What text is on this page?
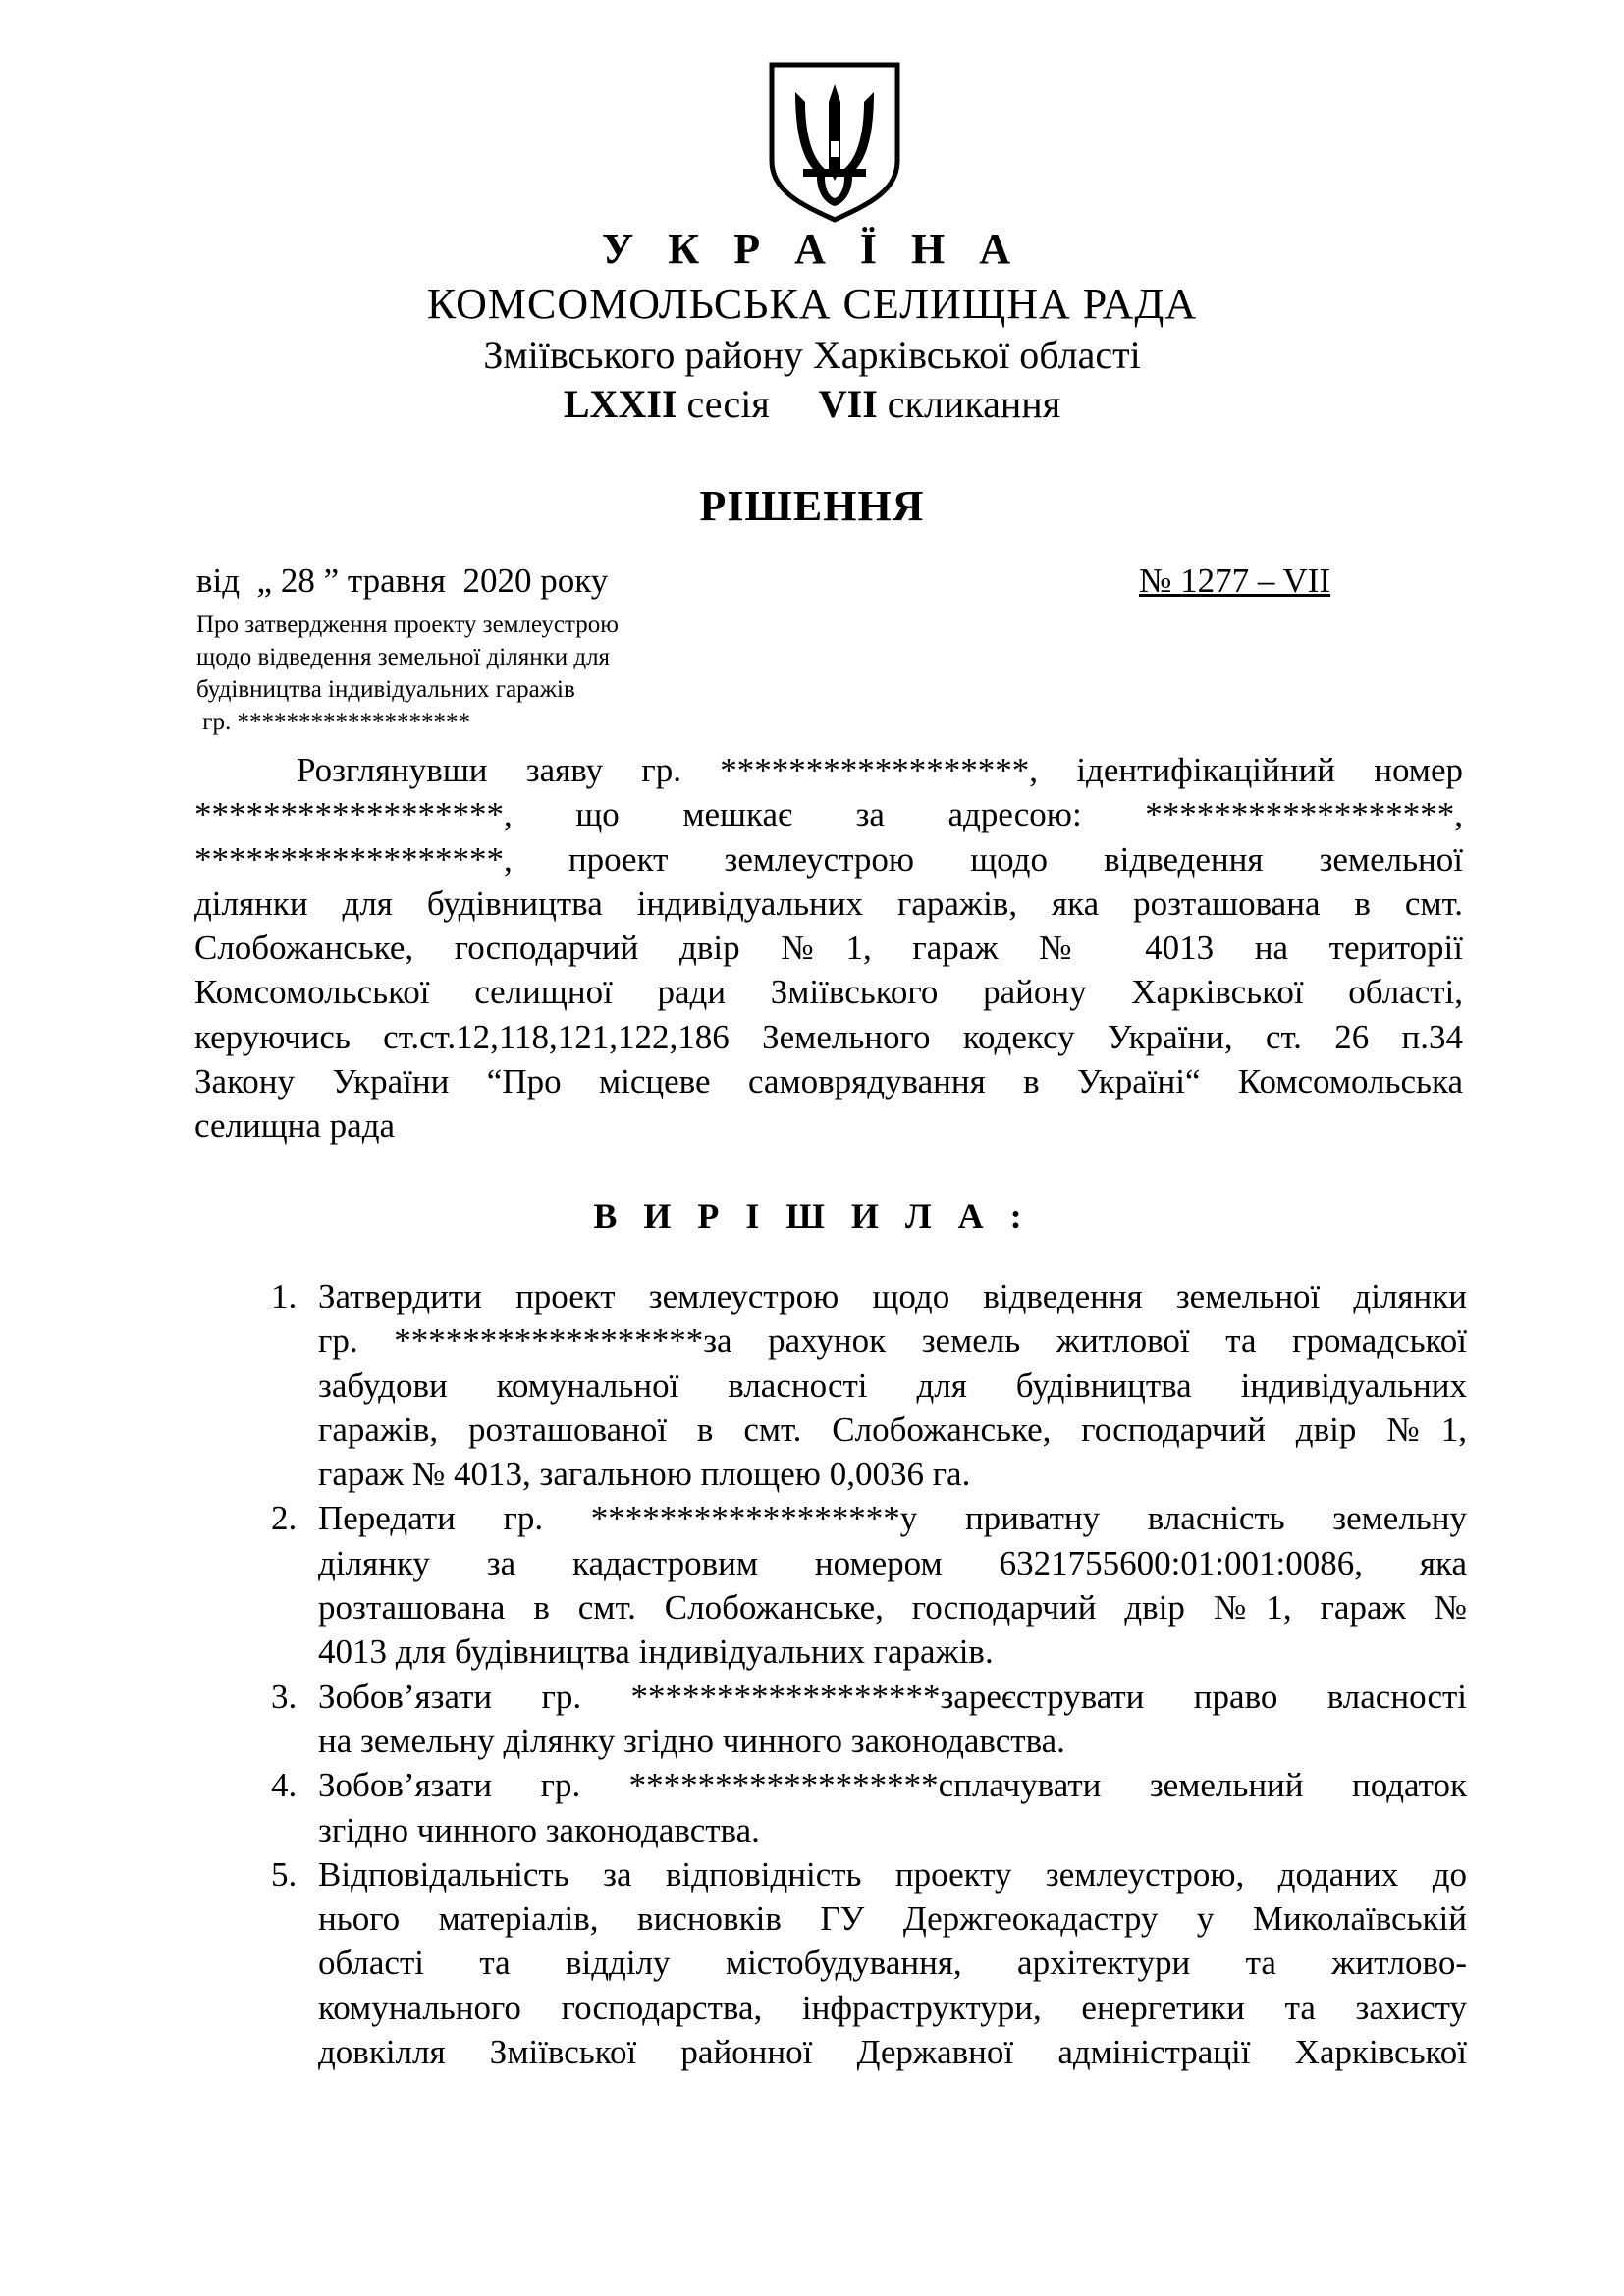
У К Р А Ї Н А
КОМСОМОЛЬСЬКА СЕЛИЩНА РАДА
Зміївського району Харківської області
LXXII сесія VII скликання
РІШЕННЯ
від  „ 28 ” травня  2020 року	№ 1277 – VII
Про затвердження проекту землеустрою
щодо відведення земельної ділянки для
будівництва індивідуальних гаражів
гр. *******************
Розглянувши заяву гр. ******************, ідентифікаційний номер
******************, що мешкає за адресою: ******************,
******************, проект землеустрою щодо відведення земельної
ділянки для будівництва індивідуальних гаражів, яка розташована в смт.
Слобожанське, господарчий двір №1, гараж № 4013 на території
Комсомольської селищної ради Зміївського району Харківської області,
керуючись ст.ст.12,118,121,122,186 Земельного кодексу України, ст. 26 п.34
Закону України “Про місцеве самоврядування в Україні“ Комсомольська
селищна рада
В И Р І Ш И Л А :
1. Затвердити проект землеустрою щодо відведення земельної ділянки
гр. ******************за рахунок земель житлової та громадської
забудови комунальної власності для будівництва індивідуальних
гаражів, розташованої в смт. Слобожанське, господарчий двір №1,
гараж № 4013, загальною площею 0,0036 га.
2. Передати гр. ******************у приватну власність земельну
ділянку за кадастровим номером 6321755600:01:001:0086, яка
розташована в смт. Слобожанське, господарчий двір №1, гараж №
4013 для будівництва індивідуальних гаражів.
3. Зобов’язати гр. ******************зареєструвати право власності
на земельну ділянку згідно чинного законодавства.
4. Зобов’язати гр. ******************сплачувати земельний податок
згідно чинного законодавства.
5. Відповідальність за відповідність проекту землеустрою, доданих до
нього матеріалів, висновків ГУ Держгеокадастру у Миколаївській
області та відділу містобудування, архітектури та житлово-
комунального господарства, інфраструктури, енергетики та захисту
довкілля Зміївської районної Державної адміністрації Харківської
